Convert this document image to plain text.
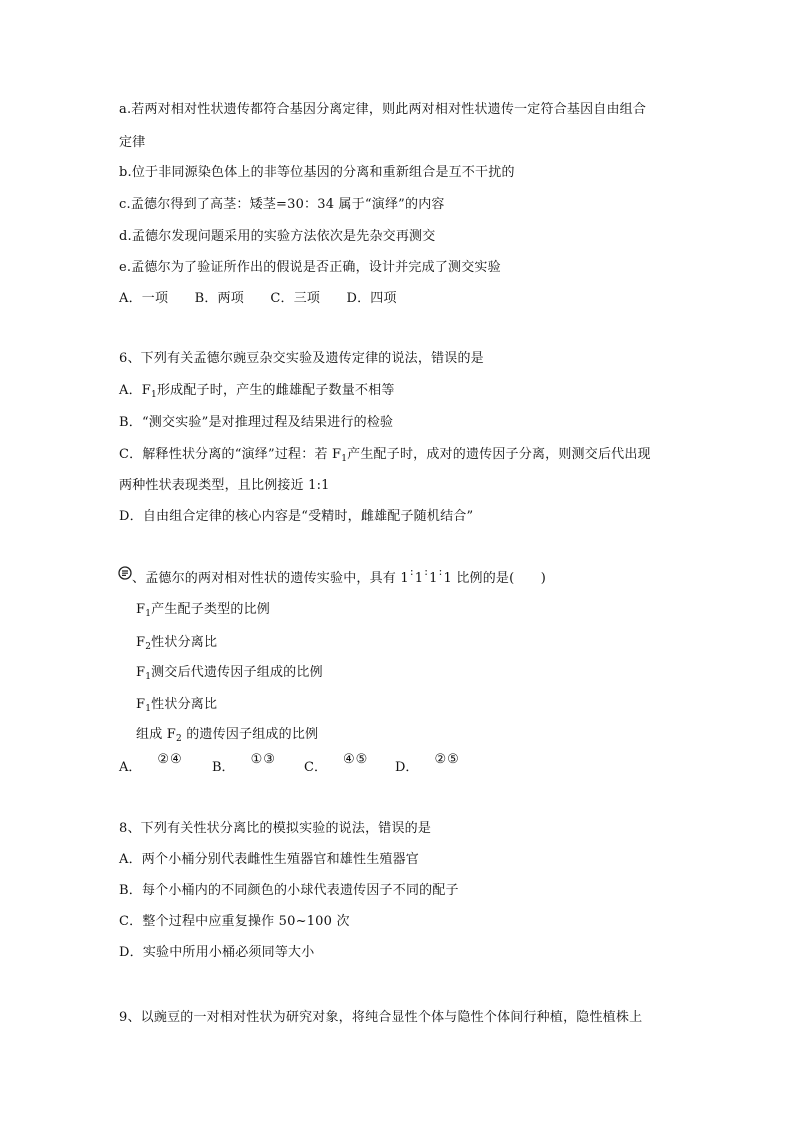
a.若两对相对性状遗传都符合基因分离定律，则此两对相对性状遗传一定符合基因自由组合
定律
b.位于非同源染色体上的非等位基因的分离和重新组合是互不干扰的
c.孟德尔得到了高茎：矮茎=30：34 属于“演绎”的内容
d.孟德尔发现问题采用的实验方法依次是先杂交再测交
e.孟德尔为了验证所作出的假说是否正确，设计并完成了测交实验
A．一项　　B．两项　　C．三项　　D．四项
6、下列有关孟德尔豌豆杂交实验及遗传定律的说法，错误的是
A．$F_1$形成配子时，产生的雌雄配子数量不相等
B．“测交实验”是对推理过程及结果进行的检验
C．解释性状分离的“演绎”过程：若 $F_1$产生配子时，成对的遗传因子分离，则测交后代出现
两种性状表现类型，且比例接近 1:1
D．自由组合定律的核心内容是“受精时，雌雄配子随机结合”
、孟德尔的两对相对性状的遗传实验中，具有 1:1:1:1 比例的是(　　)
$F_1$产生配子类型的比例
$F_2$性状分离比
$F_1$测交后代遗传因子组成的比例
$F_1$性状分离比
组成 $F_2$ 的遗传因子组成的比例
A．②④
B．①③
C．④⑤
D．②⑤
8、下列有关性状分离比的模拟实验的说法，错误的是
A．两个小桶分别代表雌性生殖器官和雄性生殖器官
B．每个小桶内的不同颜色的小球代表遗传因子不同的配子
C．整个过程中应重复操作 50~100 次
D．实验中所用小桶必须同等大小
9、以豌豆的一对相对性状为研究对象，将纯合显性个体与隐性个体间行种植，隐性植株上
